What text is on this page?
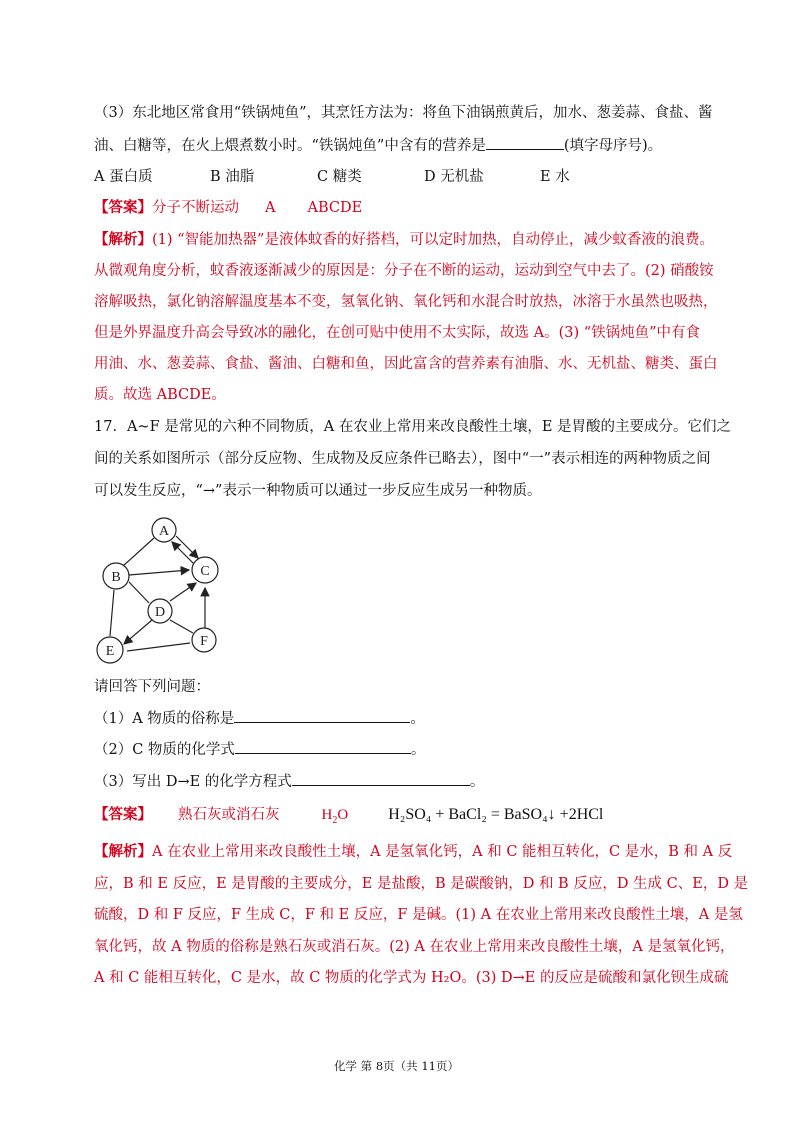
（3）东北地区常食用“铁锅炖鱼”，其烹饪方法为：将鱼下油锅煎黄后，加水、葱姜蒜、食盐、酱
油、白糖等，在火上煨煮数小时。“铁锅炖鱼”中含有的营养是	(填字母序号)。
A 蛋白质	B 油脂	C 糖类	D 无机盐	E 水
【答案】分子不断运动 A ABCDE
【解析】(1) “智能加热器”是液体蚊香的好搭档，可以定时加热，自动停止，减少蚊香液的浪费。
从微观角度分析，蚊香液逐渐减少的原因是：分子在不断的运动，运动到空气中去了。(2) 硝酸铵
溶解吸热，氯化钠溶解温度基本不变，氢氧化钠、氧化钙和水混合时放热，冰溶于水虽然也吸热，
但是外界温度升高会导致冰的融化，在创可贴中使用不太实际，故选 A。(3) “铁锅炖鱼”中有食
用油、水、葱姜蒜、食盐、酱油、白糖和鱼，因此富含的营养素有油脂、水、无机盐、糖类、蛋白
质。故选 ABCDE。
17．A~F 是常见的六种不同物质，A 在农业上常用来改良酸性土壤，E 是胃酸的主要成分。它们之
间的关系如图所示（部分反应物、生成物及反应条件已略去），图中“一”表示相连的两种物质之间
可以发生反应，“→”表示一种物质可以通过一步反应生成另一种物质。
A
B	C
D
E
F
请回答下列问题：
（1）A 物质的俗称是	。
（2）C 物质的化学式	。
（3）写出 D→E 的化学方程式	。
【答案】 熟石灰或消石灰	$H_2O$	H₂SO₄ + BaCl₂ = BaSO₄↓ +2HCl
【解析】A 在农业上常用来改良酸性土壤，A 是氢氧化钙，A 和 C 能相互转化，C 是水，B 和 A 反
应，B 和 E 反应，E 是胃酸的主要成分，E 是盐酸，B 是碳酸钠，D 和 B 反应，D 生成 C、E，D 是
硫酸，D 和 F 反应，F 生成 C，F 和 E 反应，F 是碱。(1) A 在农业上常用来改良酸性土壤，A 是氢
氧化钙，故 A 物质的俗称是熟石灰或消石灰。(2) A 在农业上常用来改良酸性土壤，A 是氢氧化钙，
A 和 C 能相互转化，C 是水，故 C 物质的化学式为 H₂O。(3) D→E 的反应是硫酸和氯化钡生成硫
化学 第 8页（共 11页）
